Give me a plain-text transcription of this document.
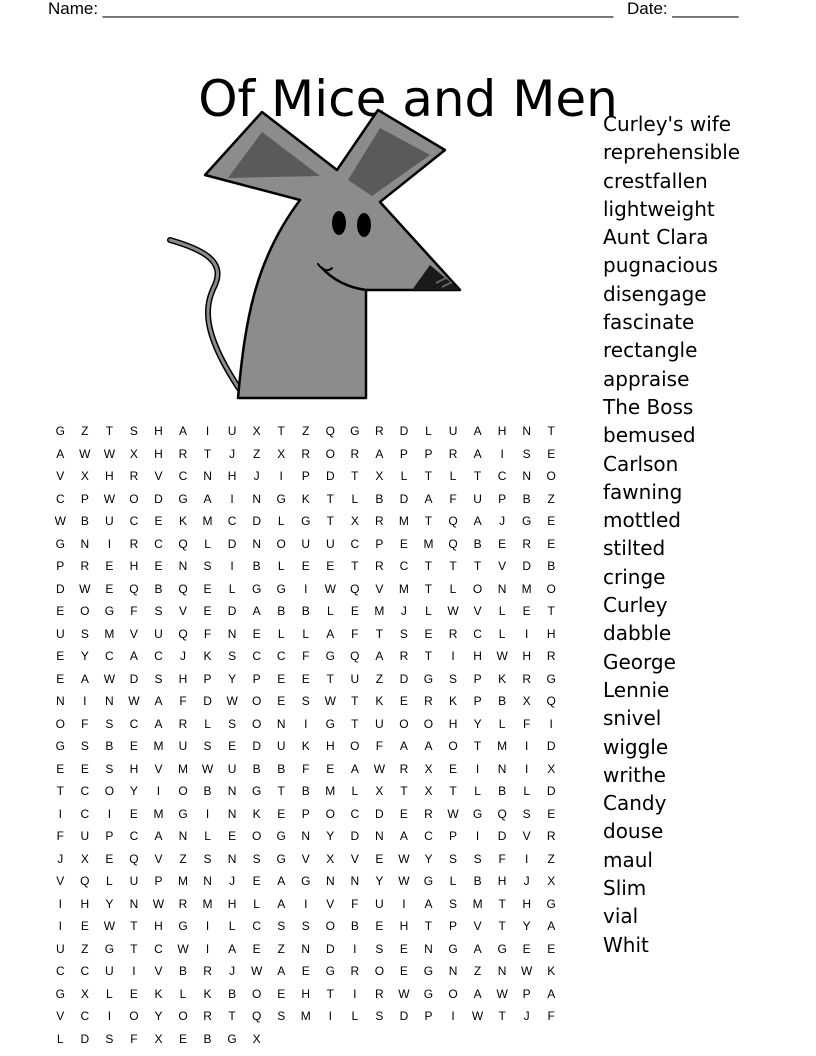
Name: ______________________________________________________ Date: _______
Of Mice and Men
G	Z	T	S	H	A	I	U	X	T	Z	Q	G	R	D	L	U	A	H	N	T
A	W	W	X	H	R	T	J	Z	X	R	O	R	A	P	P	R	A	I	S	E
V	X	H	R	V	C	N	H	J	I	P	D	T	X	L	T	L	T	C	N	O
C	P	W	O	D	G	A	I	N	G	K	T	L	B	D	A	F	U	P	B	Z
W	B	U	C	E	K	M	C	D	L	G	T	X	R	M	T	Q	A	J	G	E
G	N	I	R	C	Q	L	D	N	O	U	U	C	P	E	M	Q	B	E	R	E
P	R	E	H	E	N	S	I	B	L	E	E	T	R	C	T	T	T	V	D	B
D	W	E	Q	B	Q	E	L	G	G	I	W	Q	V	M	T	L	O	N	M	O
E	O	G	F	S	V	E	D	A	B	B	L	E	M	J	L	W	V	L	E	T
U	S	M	V	U	Q	F	N	E	L	L	A	F	T	S	E	R	C	L	I	H
E	Y	C	A	C	J	K	S	C	C	F	G	Q	A	R	T	I	H	W	H	R
E	A	W	D	S	H	P	Y	P	E	E	T	U	Z	D	G	S	P	K	R	G
N	I	N	W	A	F	D	W	O	E	S	W	T	K	E	R	K	P	B	X	Q
O	F	S	C	A	R	L	S	O	N	I	G	T	U	O	O	H	Y	L	F	I
G	S	B	E	M	U	S	E	D	U	K	H	O	F	A	A	O	T	M	I	D
E	E	S	H	V	M	W	U	B	B	F	E	A	W	R	X	E	I	N	I	X
T	C	O	Y	I	O	B	N	G	T	B	M	L	X	T	X	T	L	B	L	D
I	C	I	E	M	G	I	N	K	E	P	O	C	D	E	R	W	G	Q	S	E
F	U	P	C	A	N	L	E	O	G	N	Y	D	N	A	C	P	I	D	V	R
J	X	E	Q	V	Z	S	N	S	G	V	X	V	E	W	Y	S	S	F	I	Z
V	Q	L	U	P	M	N	J	E	A	G	N	N	Y	W	G	L	B	H	J	X
I	H	Y	N	W	R	M	H	L	A	I	V	F	U	I	A	S	M	T	H	G
I	E	W	T	H	G	I	L	C	S	S	O	B	E	H	T	P	V	T	Y	A
U	Z	G	T	C	W	I	A	E	Z	N	D	I	S	E	N	G	A	G	E	E
C	C	U	I	V	B	R	J	W	A	E	G	R	O	E	G	N	Z	N	W	K
G	X	L	E	K	L	K	B	O	E	H	T	I	R	W	G	O	A	W	P	A
V	C	I	O	Y	O	R	T	Q	S	M	I	L	S	D	P	I	W	T	J	F
L	D	S	F	X	E	B	G	X
Curley's wife
reprehensible
crestfallen
lightweight
Aunt Clara
pugnacious
disengage
fascinate
rectangle
appraise
The Boss
bemused
Carlson
fawning
mottled
stilted
cringe
Curley
dabble
George
Lennie
snivel
wiggle
writhe
Candy
douse
maul
Slim
vial
Whit
